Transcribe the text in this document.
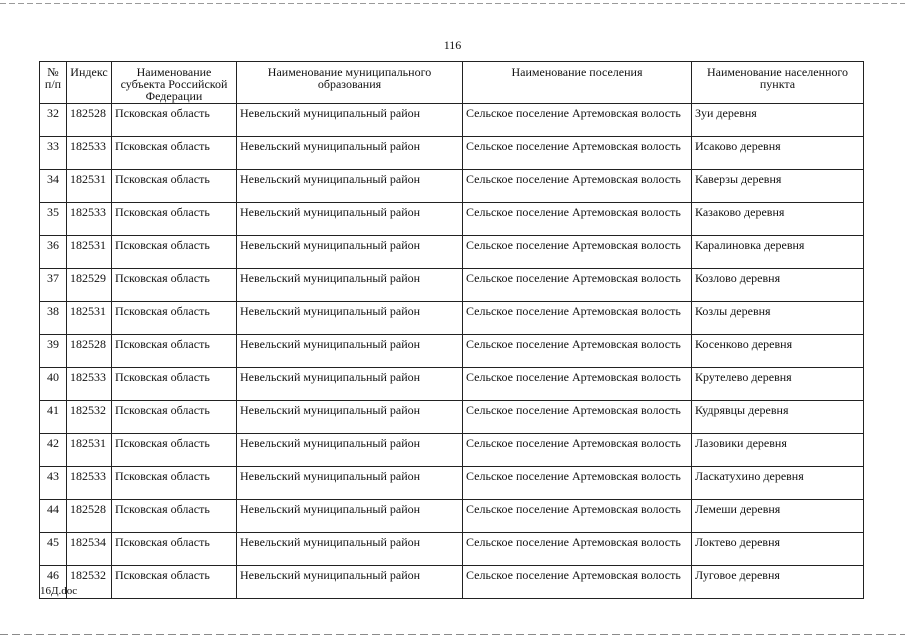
116
№ п/п	Индекс	Наименование субъекта Российской Федерации	Наименование муниципального образования	Наименование поселения	Наименование населенного пункта
32	182528	Псковская область	Невельский муниципальный район	Сельское поселение Артемовская волость	Зуи деревня
33	182533	Псковская область	Невельский муниципальный район	Сельское поселение Артемовская волость	Исаково деревня
34	182531	Псковская область	Невельский муниципальный район	Сельское поселение Артемовская волость	Каверзы деревня
35	182533	Псковская область	Невельский муниципальный район	Сельское поселение Артемовская волость	Казаково деревня
36	182531	Псковская область	Невельский муниципальный район	Сельское поселение Артемовская волость	Каралиновка деревня
37	182529	Псковская область	Невельский муниципальный район	Сельское поселение Артемовская волость	Козлово деревня
38	182531	Псковская область	Невельский муниципальный район	Сельское поселение Артемовская волость	Козлы деревня
39	182528	Псковская область	Невельский муниципальный район	Сельское поселение Артемовская волость	Косенково деревня
40	182533	Псковская область	Невельский муниципальный район	Сельское поселение Артемовская волость	Крутелево деревня
41	182532	Псковская область	Невельский муниципальный район	Сельское поселение Артемовская волость	Кудрявцы деревня
42	182531	Псковская область	Невельский муниципальный район	Сельское поселение Артемовская волость	Лазовики деревня
43	182533	Псковская область	Невельский муниципальный район	Сельское поселение Артемовская волость	Ласкатухино деревня
44	182528	Псковская область	Невельский муниципальный район	Сельское поселение Артемовская волость	Лемеши деревня
45	182534	Псковская область	Невельский муниципальный район	Сельское поселение Артемовская волость	Локтево деревня
46	182532	Псковская область	Невельский муниципальный район	Сельское поселение Артемовская волость	Луговое деревня
16Д.doc
